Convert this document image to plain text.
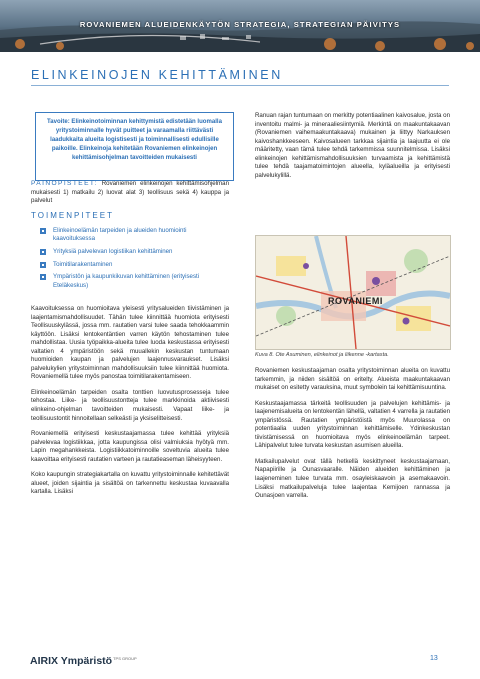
ROVANIEMEN ALUEIDENKÄYTÖN STRATEGIA, STRATEGIAN PÄIVITYS
ELINKEINOJEN KEHITTÄMINEN
Tavoite: Elinkeinotoiminnan kehittymistä edistetään luomalla yritystoiminnalle hyvät puitteet ja varaamalla riittävästi laadukkaita alueita logistisesti ja toiminnallisesti edullisille paikoille. Elinkeinoja kehitetään Rovaniemen elinkeinojen kehittämisohjelman tavoitteiden mukaisesti
PAINOPISTEET: Rovaniemen elinkeinojen kehittämisohjelman mukaisesti 1) matkailu 2) luovat alat 3) teollisuus sekä 4) kauppa ja palvelut
TOIMENPITEET
Elinkeinoelämän tarpeiden ja alueiden huomiointi kaavoituksessa
Yrityksiä palvelevan logistiikan kehittäminen
Toimitilarakentaminen
Ympäristön ja kaupunkikuvan kehittäminen (erityisesti Eteläkeskus)

Kaavoituksessa on huomioitava yleisesti yritysalueiden tiivistäminen ja laajentamismahdollisuudet. Tähän tulee kiinnittää huomiota erityisesti Teollisuuskylässä, jossa mm. rautatien varsi tulee saada tehokkaammin käyttöön. Lisäksi lentokentäntien varren käytön tehostaminen tulee mahdollistaa. Uusia työpaikka-alueita tulee luoda keskustassa erityisesti valtatien 4 ympäristöön sekä muuallekin keskustan tuntumaan huomioiden kaupan ja palvelujen laajennusvaraukset. Lisäksi palvelukylien yritystoiminnan mahdollisuuksiin tulee kiinnittää huomiota. Rovaniemellä tulee myös panostaa toimitilarakentamiseen.

Elinkeinoelämän tarpeiden osalta tonttien luovutusprosesseja tulee tehostaa. Liike- ja teollisuustontteja tulee markkinoida aktiivisesti elinkeino-ohjelman tavoitteiden mukaisesti. Vapaat liike- ja teollisuustontit hinnoitellaan selkeästi ja yksiselitteisesti.

Rovaniemellä erityisesti keskustaajamassa tulee kehittää yrityksiä palvelevaa logistiikkaa, jotta kaupungissa olisi valmiuksia hyötyä mm. Lapin megahankkeista. Logistiikkatoiminnoille soveltuvia alueita tulee kaavoittaa erityisesti rautatien varteen ja rautatieaseman läheisyyteen.

Koko kaupungin strategiakartalla on kuvattu yritystoiminnalle kehitettävät alueet, joiden sijaintia ja sisältöä on tarkennettu keskustaa kuvaavalla kartalla. Lisäksi

Ranuan rajan tuntumaan on merkitty potentiaalinen kaivosalue, josta on inventoitu malmi- ja mineraaliesiintymiä. Merkintä on maakuntakaavan (Rovaniemen vaihemaakuntakaava) mukainen ja liittyy Narkauksen kaivoshankkeeseen. Kaivosalueen tarkkaa sijaintia ja laajuutta ei ole määritetty, vaan tämä tulee tehdä tarkemmissa suunnitelmissa. Lisäksi elinkeinojen kehittämismahdollisuuksien turvaamista ja kehittämistä tulee tehdä taajamatoimintojen alueella, kyläalueilla ja erityisesti palvelukylillä.

ROVANIEMI
Kuva 8. Ote Asuminen, elinkeinot ja liikenne -kartasta.

Rovaniemen keskustaajaman osalta yritystoiminnan alueita on kuvattu tarkemmin, ja niiden sisältöä on eritelty. Alueista maakuntakaavan mukaiset on esitetty varauksina, muut symbolein tai kehittämisuuntina.

Keskustaajamassa tärkeitä teollisuuden ja palvelujen kehittämis- ja laajenemisalueita on lentokentän lähellä, valtatien 4 varrella ja rautatien ympäristössä. Rautatien ympäristöistä myös Muurolassa on potentiaalia uuden yritystoiminnan kehittämiselle. Ydinkeskustan tiivistämisessä on huomioitava myös elinkeinoelämän tarpeet. Lähipalvelut tulee turvata keskustan asumisen alueilla.

Matkailupalvelut ovat tällä hetkellä keskittyneet keskustaajamaan, Napapiirille ja Ounasvaaralle. Näiden alueiden kehittäminen ja laajeneminen tulee turvata mm. osayleiskaavoin ja asemakaavoin. Lisäksi matkailupalveluja tulee laajentaa Kemijoen rannassa ja Ounasjoen varrella.

AIRIX Ympäristö$^{TPS GROUP}$	13
